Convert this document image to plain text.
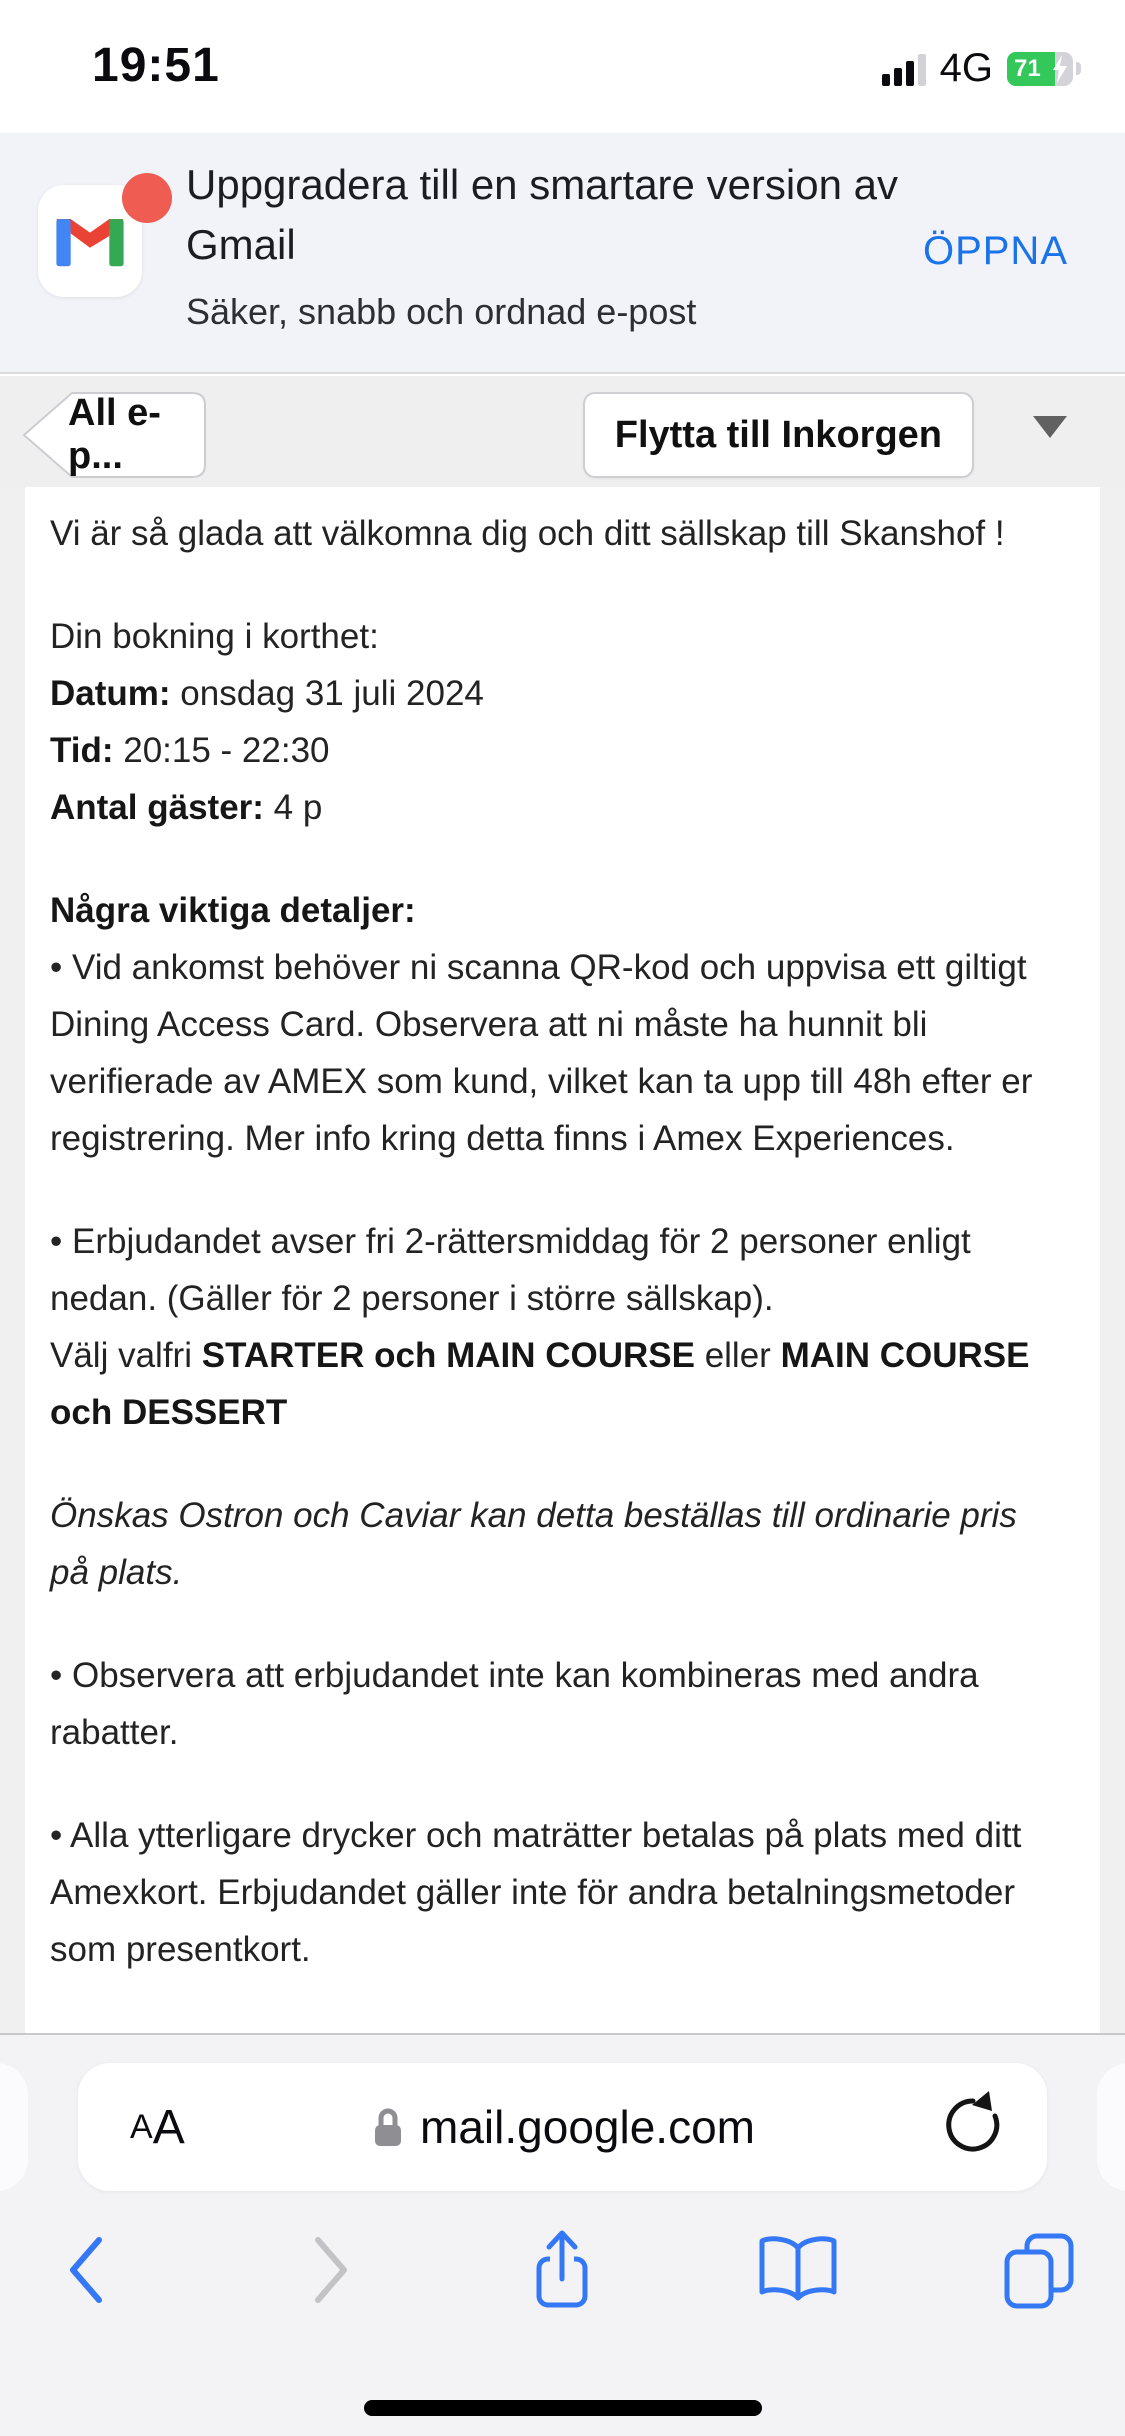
19:51	4G 71
Uppgradera till en smartare version av
Gmail
Säker, snabb och ordnad e-post
ÖPPNA
All e-p...
Flytta till Inkorgen
Vi är så glada att välkomna dig och ditt sällskap till Skanshof !
Din bokning i korthet:
Datum: onsdag 31 juli 2024
Tid: 20:15 - 22:30
Antal gäster: 4 p
Några viktiga detaljer:
• Vid ankomst behöver ni scanna QR-kod och uppvisa ett giltigt
Dining Access Card. Observera att ni måste ha hunnit bli
verifierade av AMEX som kund, vilket kan ta upp till 48h efter er
registrering. Mer info kring detta finns i Amex Experiences.
• Erbjudandet avser fri 2-rättersmiddag för 2 personer enligt
nedan. (Gäller för 2 personer i större sällskap).
Välj valfri STARTER och MAIN COURSE eller MAIN COURSE
och DESSERT
Önskas Ostron och Caviar kan detta beställas till ordinarie pris
på plats.
• Observera att erbjudandet inte kan kombineras med andra
rabatter.
• Alla ytterligare drycker och maträtter betalas på plats med ditt
Amexkort. Erbjudandet gäller inte för andra betalningsmetoder
som presentkort.
A A	mail.google.com
